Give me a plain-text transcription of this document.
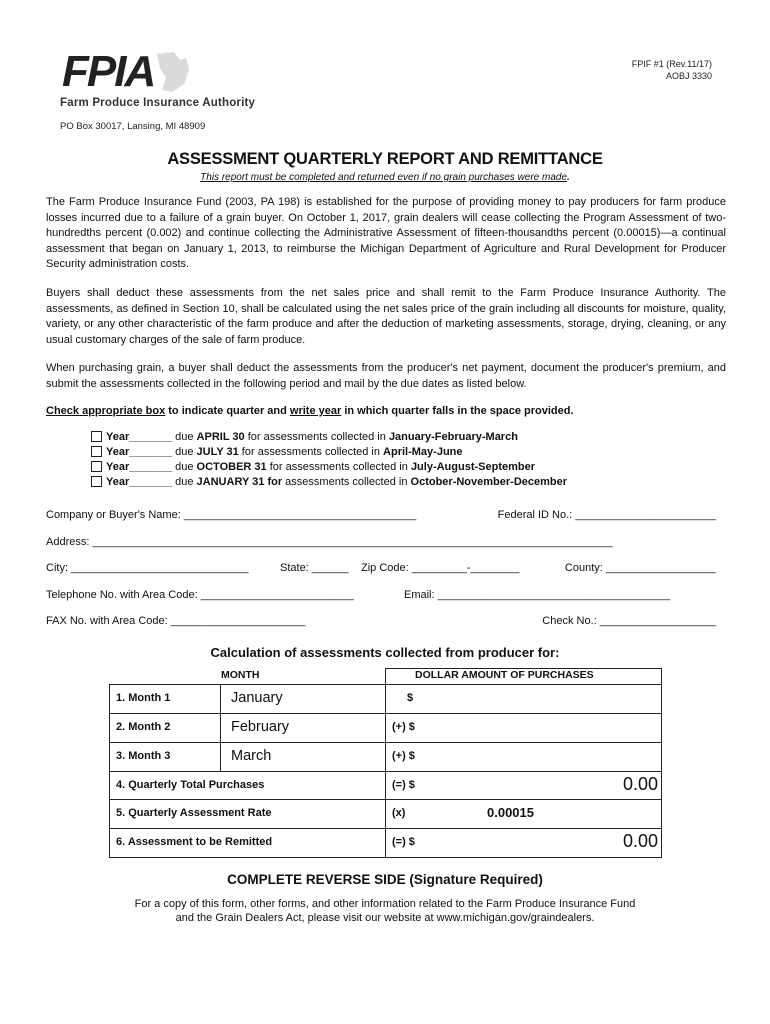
FPIA
Farm Produce Insurance Authority
FPIF #1 (Rev.11/17)
AOBJ 3330
PO Box 30017, Lansing, MI 48909
ASSESSMENT QUARTERLY REPORT AND REMITTANCE
This report must be completed and returned even if no grain purchases were made.
The Farm Produce Insurance Fund (2003, PA 198) is established for the purpose of providing money to pay producers for farm produce losses incurred due to a failure of a grain buyer. On October 1, 2017, grain dealers will cease collecting the Program Assessment of two-hundredths percent (0.002) and continue collecting the Administrative Assessment of fifteen-thousandths percent (0.00015)—a continual assessment that began on January 1, 2013, to reimburse the Michigan Department of Agriculture and Rural Development for Producer Security administration costs.
Buyers shall deduct these assessments from the net sales price and shall remit to the Farm Produce Insurance Authority. The assessments, as defined in Section 10, shall be calculated using the net sales price of the grain including all discounts for moisture, quality, variety, or any other characteristic of the farm produce and after the deduction of marketing assessments, storage, drying, cleaning, or any usual customary charges of the sale of farm produce.
When purchasing grain, a buyer shall deduct the assessments from the producer's net payment, document the producer's premium, and submit the assessments collected in the following period and mail by the due dates as listed below.
Check appropriate box to indicate quarter and write year in which quarter falls in the space provided.
Year_______ due APRIL 30 for assessments collected in January-February-March
Year_______ due JULY 31 for assessments collected in April-May-June
Year_______ due OCTOBER 31 for assessments collected in July-August-September
Year_______ due JANUARY 31 for assessments collected in October-November-December
Company or Buyer's Name: ______________________________________	Federal ID No.: _______________________
Address: _____________________________________________________________________________________
City: _____________________________	State: ______ Zip Code: _________-________	County: __________________
Telephone No. with Area Code: _________________________	Email: ______________________________________
FAX No. with Area Code: ______________________	Check No.: ___________________
Calculation of assessments collected from producer for:
MONTH	DOLLAR AMOUNT OF PURCHASES
1. Month 1	January	$
2. Month 2	February	(+) $
3. Month 3	March	(+) $
4. Quarterly Total Purchases	(=) $	0.00
5. Quarterly Assessment Rate	(x)	0.00015
6. Assessment to be Remitted	(=) $	0.00
COMPLETE REVERSE SIDE (Signature Required)
For a copy of this form, other forms, and other information related to the Farm Produce Insurance Fund
and the Grain Dealers Act, please visit our website at www.michigan.gov/graindealers.
